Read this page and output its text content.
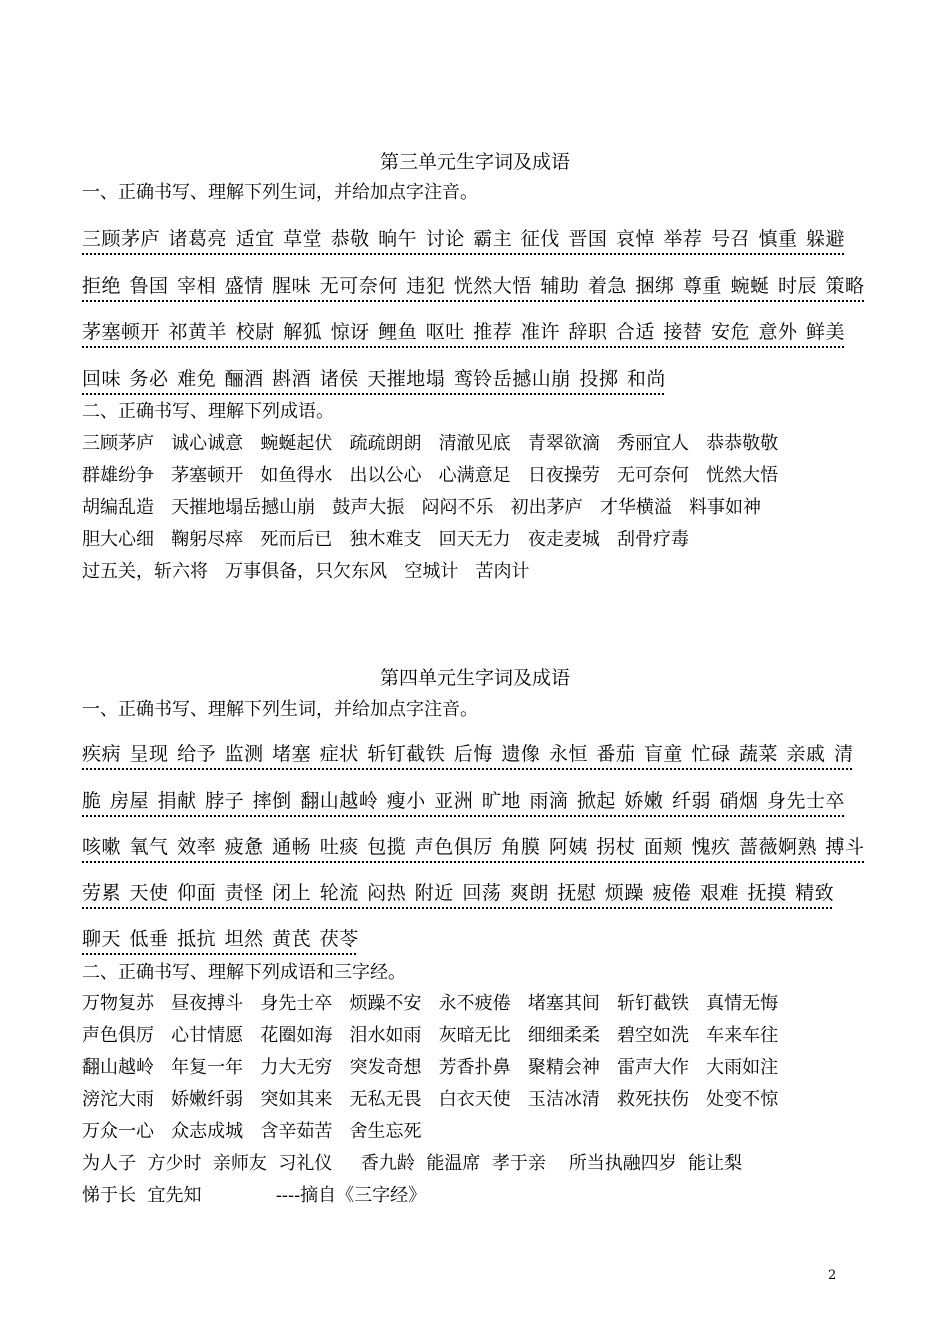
第三单元生字词及成语
一、正确书写、理解下列生词，并给加点字注音。
三顾茅庐 诸葛亮 适宜 草堂 恭敬 晌午 讨论 霸主 征伐 晋国 哀悼 举荐 号召 慎重 躲避
拒绝 鲁国 宰相 盛情 腥味 无可奈何 违犯 恍然大悟 辅助 着急 捆绑 尊重 蜿蜒 时辰 策略
茅塞顿开 祁黄羊 校尉 解狐 惊讶 鲤鱼 呕吐 推荐 准许 辞职 合适 接替 安危 意外 鲜美
回味 务必 难免 酾酒 斟酒 诸侯 天摧地塌 鸾铃岳撼山崩 投掷 和尚
二、正确书写、理解下列成语。
三顾茅庐   诚心诚意   蜿蜒起伏   疏疏朗朗   清澈见底   青翠欲滴   秀丽宜人   恭恭敬敬
群雄纷争   茅塞顿开   如鱼得水   出以公心   心满意足   日夜操劳   无可奈何   恍然大悟
胡编乱造   天摧地塌岳撼山崩   鼓声大振   闷闷不乐   初出茅庐   才华横溢   料事如神
胆大心细   鞠躬尽瘁   死而后已   独木难支   回天无力   夜走麦城   刮骨疗毒
过五关，斩六将   万事俱备，只欠东风   空城计   苦肉计
第四单元生字词及成语
一、正确书写、理解下列生词，并给加点字注音。
疾病 呈现 给予 监测 堵塞 症状 斩钉截铁 后悔 遗像 永恒 番茄 盲童 忙碌 蔬菜 亲戚 清
脆 房屋 捐献 脖子 摔倒 翻山越岭 瘦小 亚洲 旷地 雨滴 掀起 娇嫩 纤弱 硝烟 身先士卒
咳嗽 氧气 效率 疲惫 通畅 吐痰 包揽 声色俱厉 角膜 阿姨 拐杖 面颊 愧疚 蔷薇婀熟 搏斗
劳累 天使 仰面 责怪 闭上 轮流 闷热 附近 回荡 爽朗 抚慰 烦躁 疲倦 艰难 抚摸 精致
聊天 低垂 抵抗 坦然 黄芪 茯苓
二、正确书写、理解下列成语和三字经。
万物复苏   昼夜搏斗   身先士卒   烦躁不安   永不疲倦   堵塞其间   斩钉截铁   真情无悔
声色俱厉   心甘情愿   花圈如海   泪水如雨   灰暗无比   细细柔柔   碧空如洗   车来车往
翻山越岭   年复一年   力大无穷   突发奇想   芳香扑鼻   聚精会神   雷声大作   大雨如注
滂沱大雨   娇嫩纤弱   突如其来   无私无畏   白衣天使   玉洁冰清   救死扶伤   处变不惊
万众一心   众志成城   含辛茹苦   舍生忘死
为人子  方少时  亲师友  习礼仪     香九龄  能温席  孝于亲    所当执融四岁  能让梨
悌于长  宜先知             ----摘自《三字经》
2
